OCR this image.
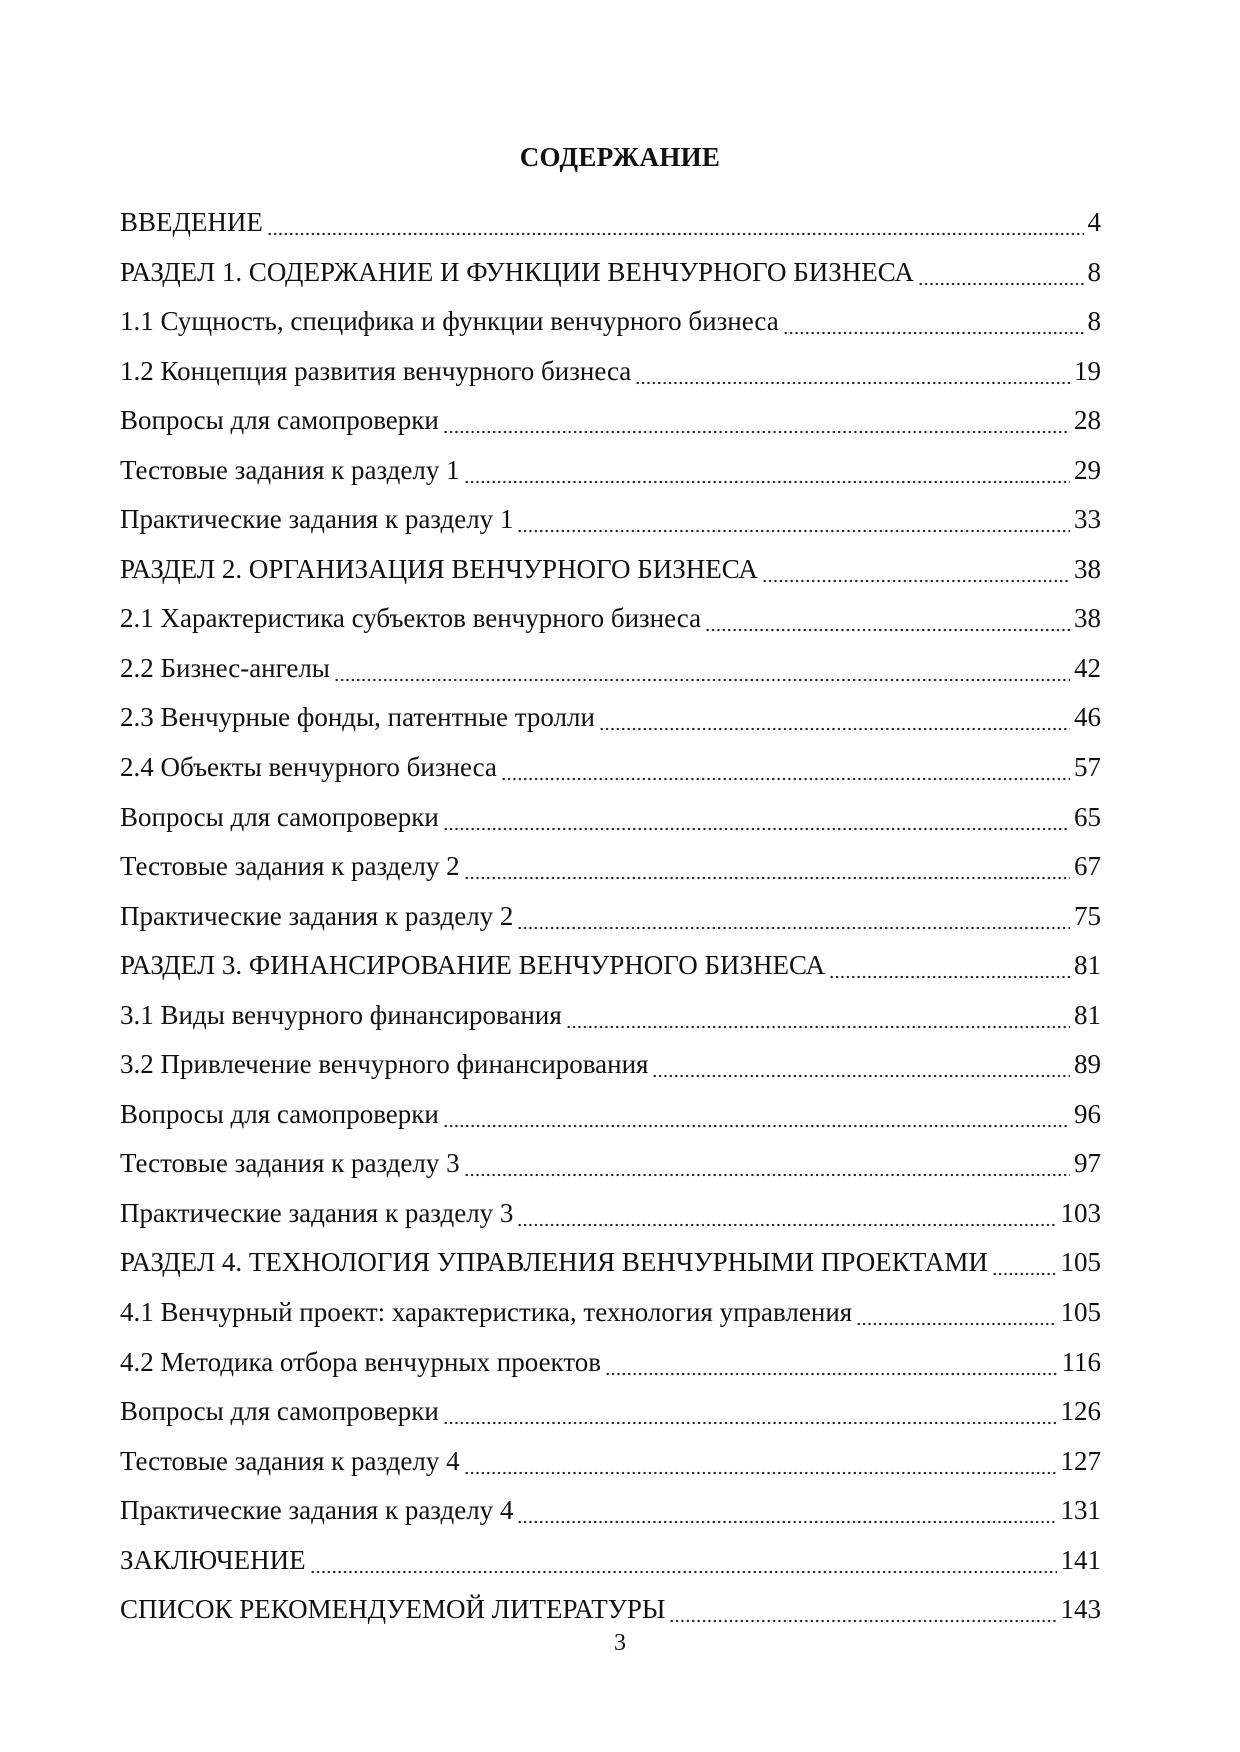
СОДЕРЖАНИЕ
ВВЕДЕНИЕ	4
РАЗДЕЛ 1. СОДЕРЖАНИЕ И ФУНКЦИИ ВЕНЧУРНОГО БИЗНЕСА	8
1.1 Сущность, специфика и функции венчурного бизнеса	8
1.2 Концепция развития венчурного бизнеса	19
Вопросы для самопроверки	28
Тестовые задания к разделу 1	29
Практические задания к разделу 1	33
РАЗДЕЛ 2. ОРГАНИЗАЦИЯ ВЕНЧУРНОГО БИЗНЕСА	38
2.1 Характеристика субъектов венчурного бизнеса	38
2.2 Бизнес-ангелы	42
2.3 Венчурные фонды, патентные тролли	46
2.4 Объекты венчурного бизнеса	57
Вопросы для самопроверки	65
Тестовые задания к разделу 2	67
Практические задания к разделу 2	75
РАЗДЕЛ 3. ФИНАНСИРОВАНИЕ ВЕНЧУРНОГО БИЗНЕСА	81
3.1 Виды венчурного финансирования	81
3.2 Привлечение венчурного финансирования	89
Вопросы для самопроверки	96
Тестовые задания к разделу 3	97
Практические задания к разделу 3	103
РАЗДЕЛ 4. ТЕХНОЛОГИЯ УПРАВЛЕНИЯ ВЕНЧУРНЫМИ ПРОЕКТАМИ	105
4.1 Венчурный проект: характеристика, технология управления	105
4.2 Методика отбора венчурных проектов	116
Вопросы для самопроверки	126
Тестовые задания к разделу 4	127
Практические задания к разделу 4	131
ЗАКЛЮЧЕНИЕ	141
СПИСОК РЕКОМЕНДУЕМОЙ ЛИТЕРАТУРЫ	143
3
